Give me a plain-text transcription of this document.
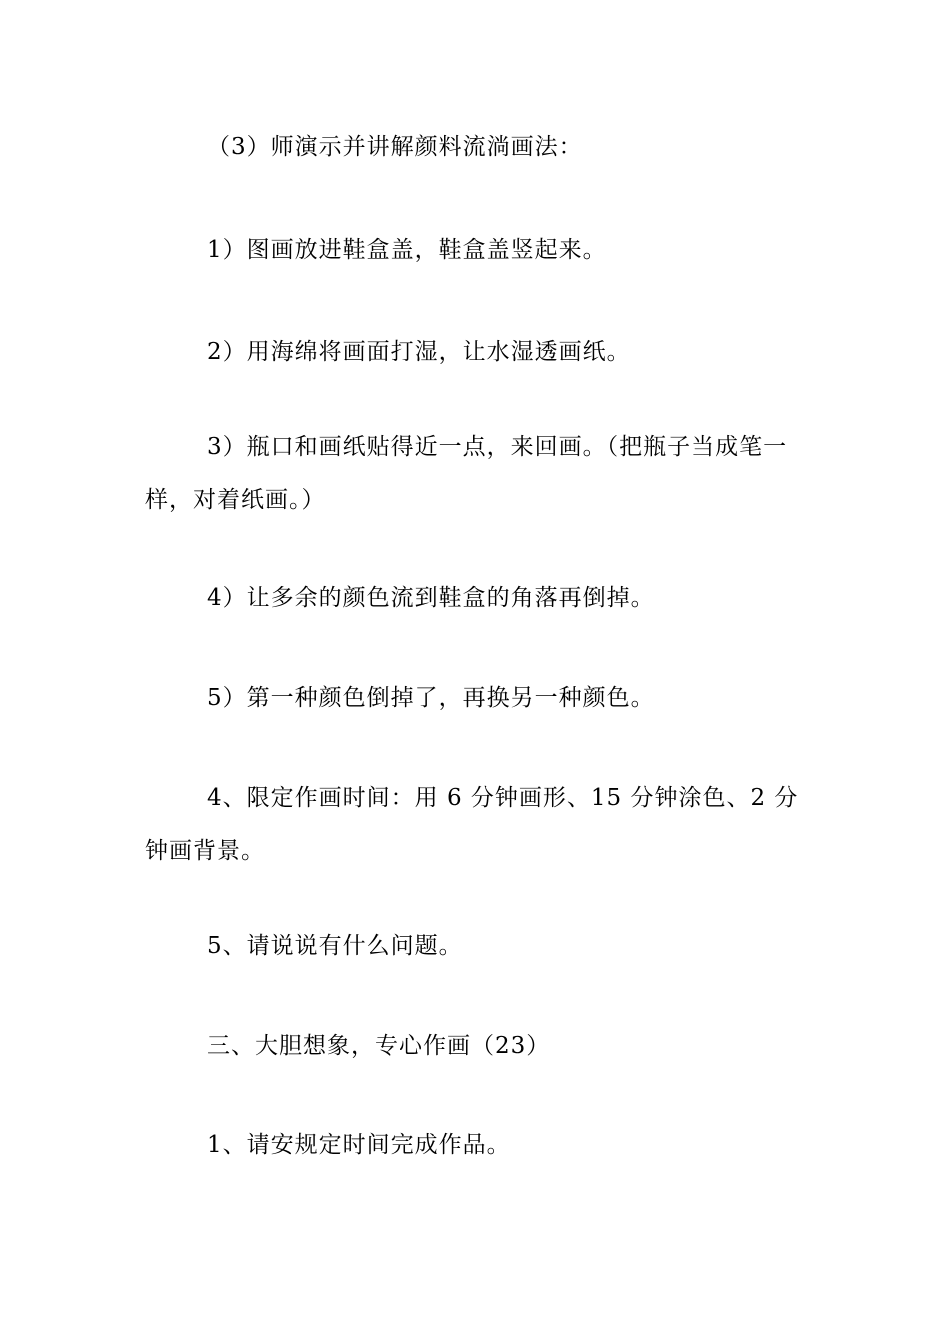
（3）师演示并讲解颜料流淌画法：

1）图画放进鞋盒盖，鞋盒盖竖起来。

2）用海绵将画面打湿，让水湿透画纸。

3）瓶口和画纸贴得近一点，来回画。（把瓶子当成笔一样，对着纸画。）

4）让多余的颜色流到鞋盒的角落再倒掉。

5）第一种颜色倒掉了，再换另一种颜色。

4、限定作画时间：用 6 分钟画形、15 分钟涂色、2 分钟画背景。

5、请说说有什么问题。

三、大胆想象，专心作画（23）

1、请安规定时间完成作品。
